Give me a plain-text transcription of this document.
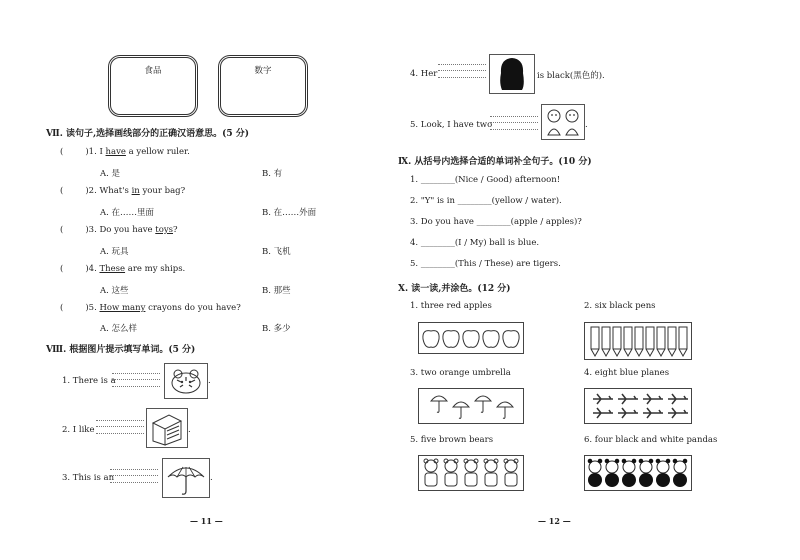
食品	数字
Ⅶ. 读句子,选择画线部分的正确汉语意思。(5 分)
(	)1. I have a yellow ruler.
A. 是	B. 有
(	)2. What's in your bag?
A. 在……里面	B. 在……外面
(	)3. Do you have toys?
A. 玩具	B. 飞机
(	)4. These are my ships.
A. 这些	B. 那些
(	)5. How many crayons do you have?
A. 怎么样	B. 多少
Ⅷ. 根据图片提示填写单词。(5 分)
1. There is a	.
2. I like	.
3. This is an	.
— 11 —
4. Her	is black(黑色的).
5. Look, I have two	.
Ⅸ. 从括号内选择合适的单词补全句子。(10 分)
1. ________(Nice / Good) afternoon!
2. "Y" is in ________(yellow / water).
3. Do you have ________(apple / apples)?
4. ________(I / My) ball is blue.
5. ________(This / These) are tigers.
Ⅹ. 读一读,并涂色。(12 分)
1. three red apples	2. six black pens
3. two orange umbrella	4. eight blue planes
5. five brown bears	6. four black and white pandas
— 12 —
